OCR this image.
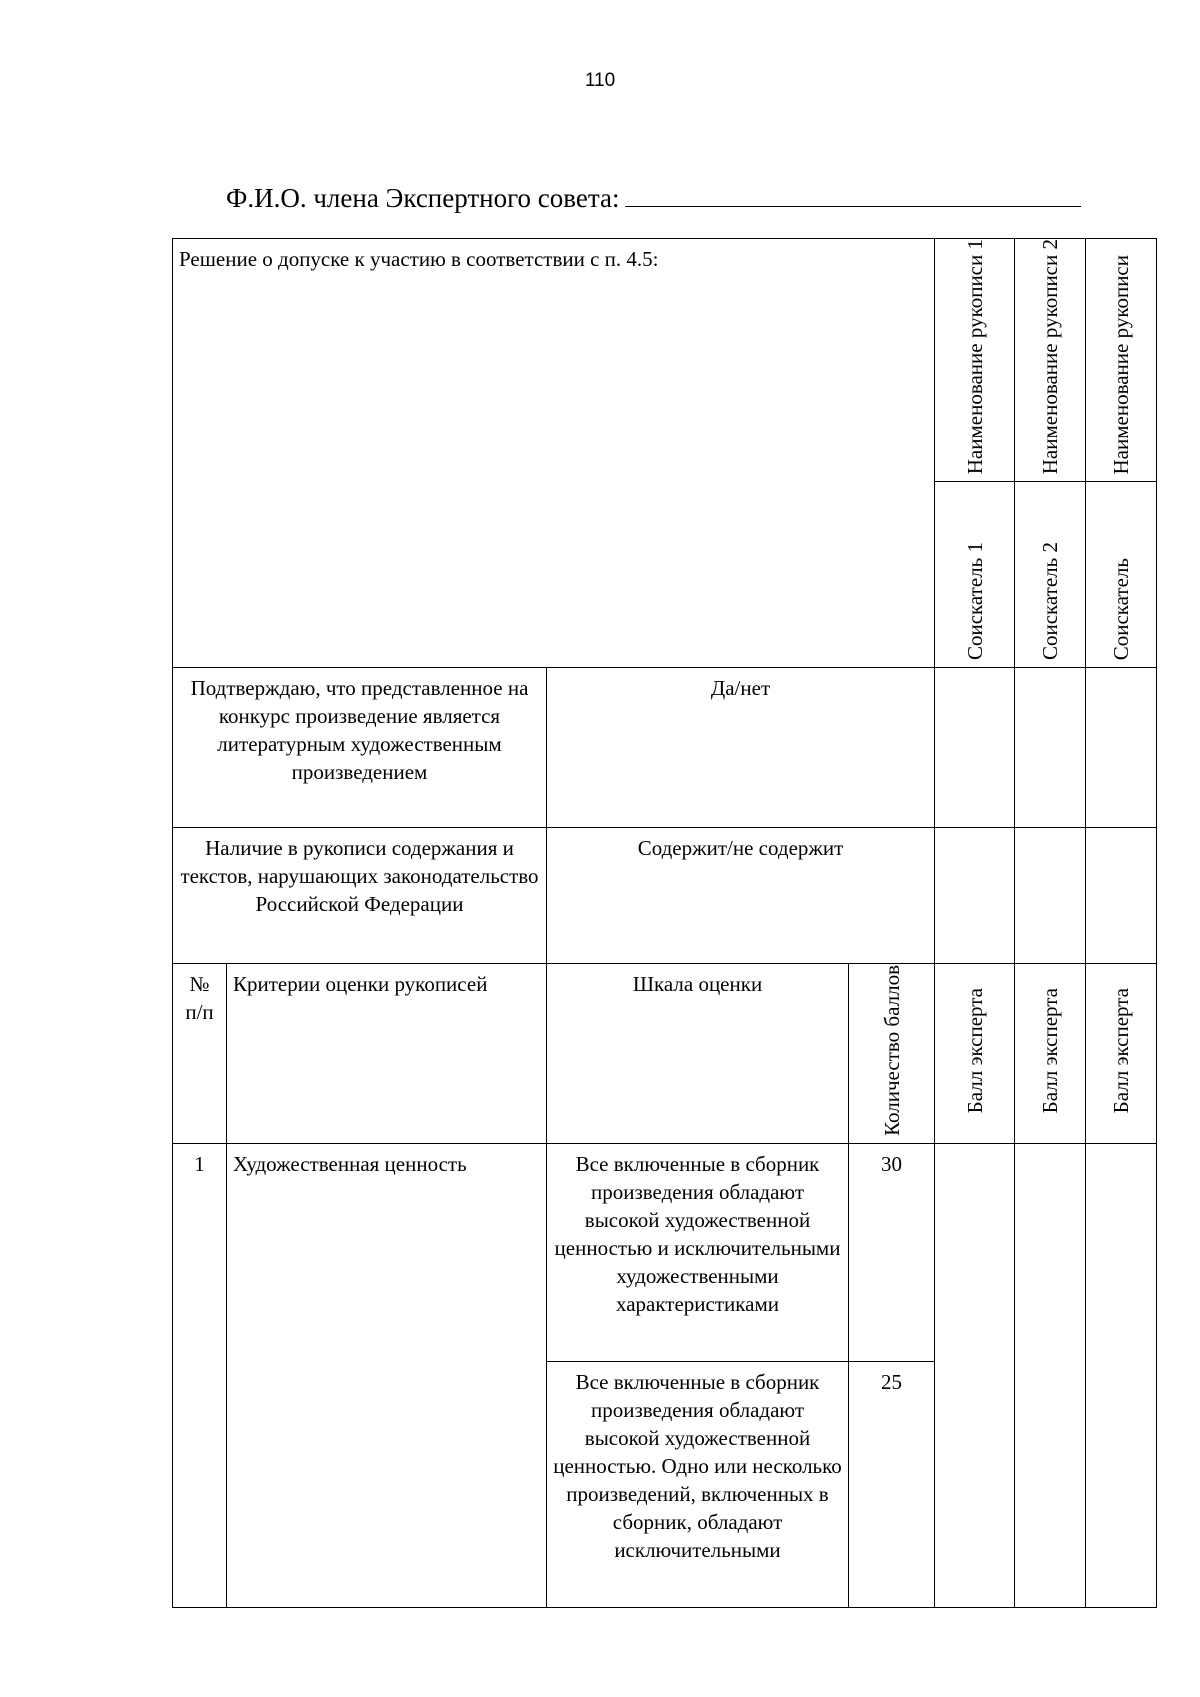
110
Ф.И.О. члена Экспертного совета:
Решение о допуске к участию в соответствии с п. 4.5:				Наименование рукописи 1	Наименование рукописи 2	Наименование рукописи
				Соискатель 1	Соискатель 2	Соискатель
Подтверждаю, что представленное на конкурс произведение является литературным художественным произведением		Да/нет				
Наличие в рукописи содержания и текстов, нарушающих законодательство Российской Федерации		Содержит/не содержит				
№ п/п	Критерии оценки рукописей	Шкала оценки	Количество баллов	Балл эксперта	Балл эксперта	Балл эксперта
1	Художественная ценность	Все включенные в сборник произведения обладают высокой художественной ценностью и исключительными художественными характеристиками	30			
		Все включенные в сборник произведения обладают высокой художественной ценностью. Одно или несколько произведений, включенных в сборник, обладают исключительными	25			
